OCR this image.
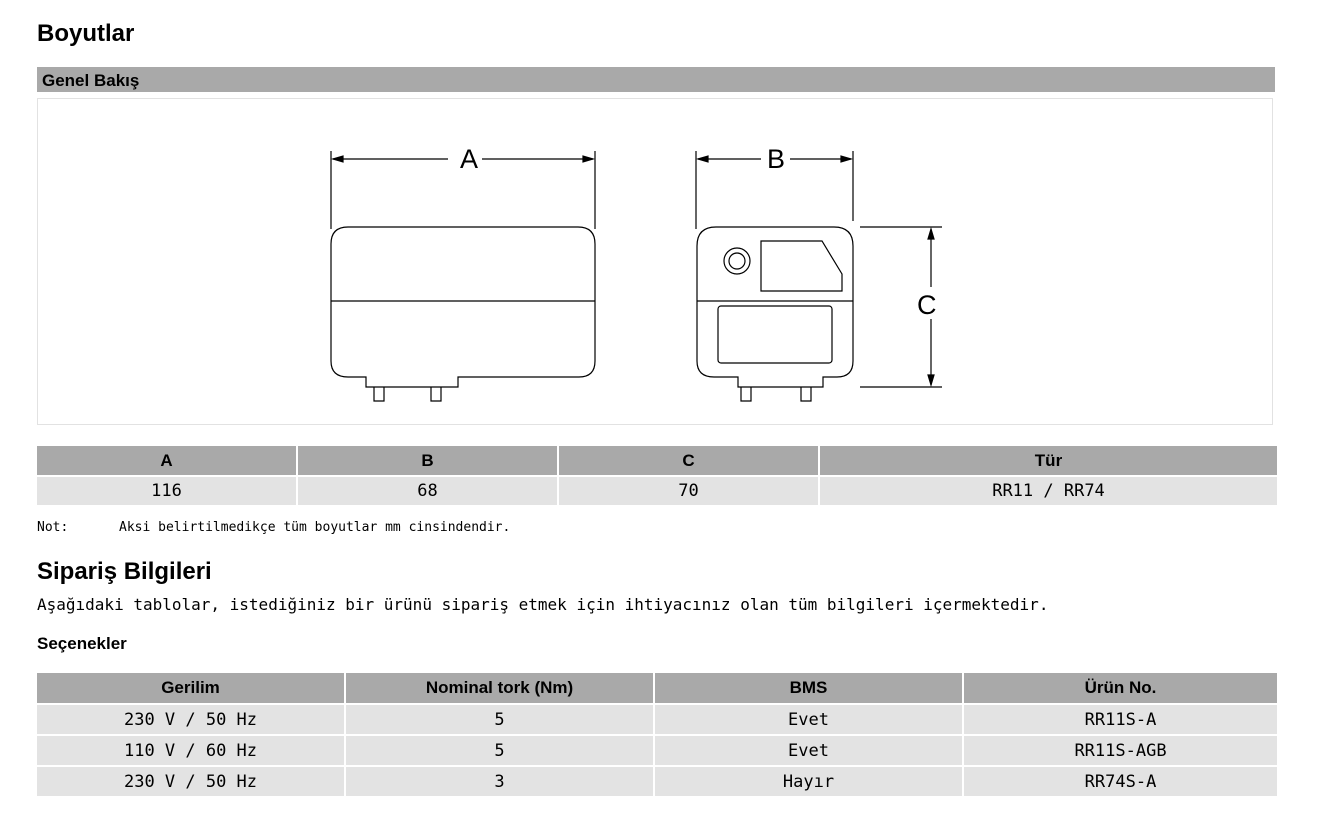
Boyutlar
Genel Bakış
A	B
C
A	B	C	Tür
116	68	70	RR11 / RR74
Not:	Aksi belirtilmedikçe tüm boyutlar mm cinsindendir.
Sipariş Bilgileri
Aşağıdaki tablolar, istediğiniz bir ürünü sipariş etmek için ihtiyacınız olan tüm bilgileri içermektedir.
Seçenekler
Gerilim	Nominal tork (Nm)	BMS	Ürün No.
230 V / 50 Hz	5	Evet	RR11S-A
110 V / 60 Hz	5	Evet	RR11S-AGB
230 V / 50 Hz	3	Hayır	RR74S-A
